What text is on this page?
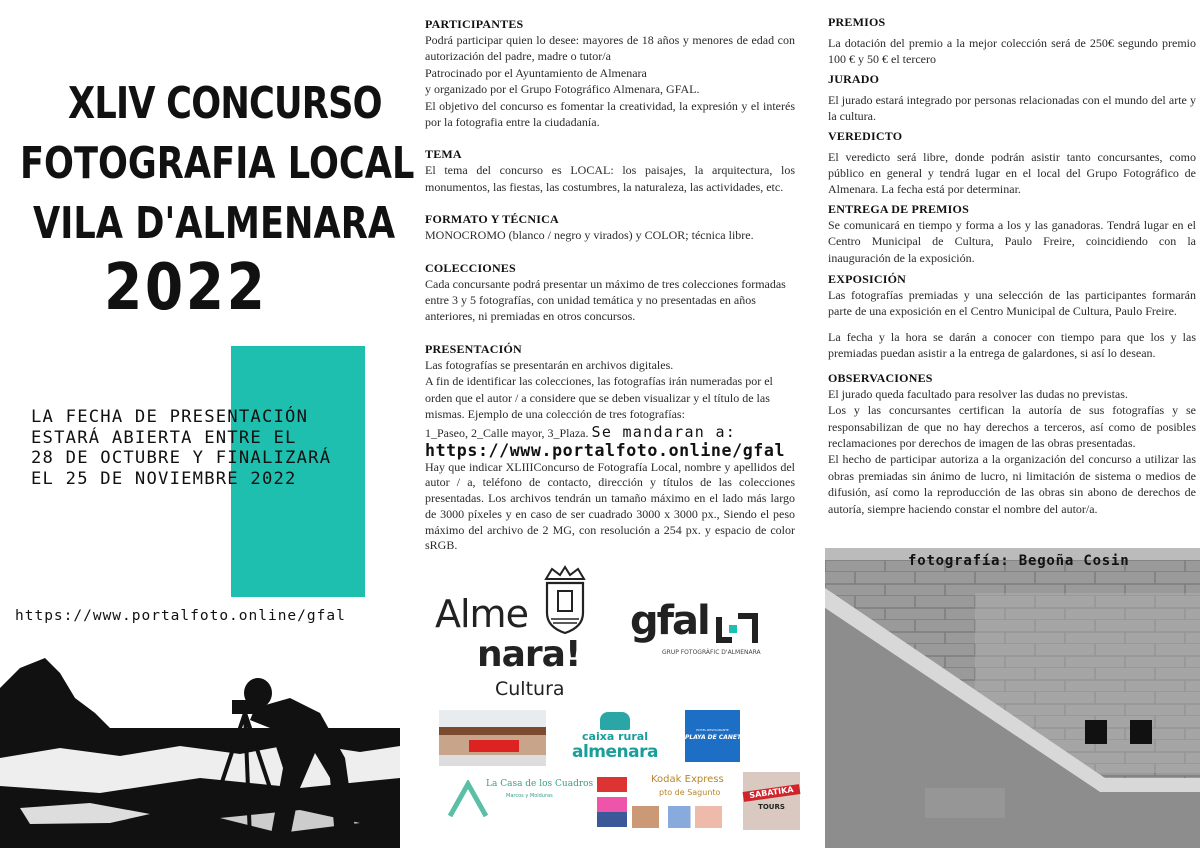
XLIV CONCURSO
FOTOGRAFIA LOCAL
VILA D'ALMENARA
2022
LA FECHA DE PRESENTACIÓN
ESTARÁ ABIERTA ENTRE EL
28 DE OCTUBRE Y FINALIZARÁ
EL 25 DE NOVIEMBRE 2022
https://www.portalfoto.online/gfal
PARTICIPANTES

Podrá participar quien lo desee: mayores de 18 años y menores de edad con autorización del padre, madre o tutor/a

Patrocinado por el Ayuntamiento de Almenara

y organizado por el Grupo Fotográfico Almenara, GFAL.

El objetivo del concurso es fomentar la creatividad, la expresión y el interés por la fotografia entre la ciudadanía.

TEMA

El tema del concurso es LOCAL: los paisajes, la arquitectura, los monumentos, las fiestas, las costumbres, la naturaleza, las actividades, etc.

FORMATO Y TÉCNICA

MONOCROMO (blanco / negro y virados) y COLOR; técnica libre.

COLECCIONES

Cada concursante podrá presentar un máximo de tres colecciones formadas entre 3 y 5 fotografías, con unidad temática y no presentadas en años anteriores, ni premiadas en otros concursos.

PRESENTACIÓN

Las fotografías se presentarán en archivos digitales.

A fin de identificar las colecciones, las fotografías irán numeradas por el orden que el autor / a considere que se deben visualizar y el título de las mismas. Ejemplo de una colección de tres fotografías:

1_Paseo, 2_Calle mayor, 3_Plaza. Se mandaran a:

https://www.portalfoto.online/gfal

Hay que indicar XLIIIConcurso de Fotografía Local, nombre y apellidos del autor / a, teléfono de contacto, dirección y títulos de las colecciones presentadas. Los archivos tendrán un tamaño máximo en el lado más largo de 3000 píxeles y en caso de ser cuadrado 3000 x 3000 px., Siendo el peso máximo del archivo de 2 MG, con resolución a 254 px. y espacio de color sRGB.

Alme
nara!
Cultura
gfal
GRUP FOTOGRÀFIC D'ALMENARA
caixa rural
almenara
HOTEL·RESTAURANTE
PLAYA DE CANET
La Casa de los Cuadros
Marcos y Molduras
Kodak Express
pto de Sagunto	SABATIKA
TOURS
PREMIOS

La dotación del premio a la mejor colección será de 250€ segundo premio 100 € y 50 € el tercero

JURADO

El jurado estará integrado por personas relacionadas con el mundo del arte y la cultura.

VEREDICTO

El veredicto será libre, donde podrán asistir tanto concursantes, como público en general y tendrá lugar en el local del Grupo Fotográfico de Almenara. La fecha está por determinar.

ENTREGA DE PREMIOS

Se comunicará en tiempo y forma a los y las ganadoras. Tendrá lugar en el Centro Municipal de Cultura, Paulo Freire, coincidiendo con la inauguración de la exposición.

EXPOSICIÓN

Las fotografías premiadas y una selección de las participantes formarán parte de una exposición en el Centro Municipal de Cultura, Paulo Freire.

La fecha y la hora se darán a conocer con tiempo para que los y las premiadas puedan asistir a la entrega de galardones, si así lo desean.

OBSERVACIONES

El jurado queda facultado para resolver las dudas no previstas.

Los y las concursantes certifican la autoría de sus fotografías y se responsabilizan de que no hay derechos a terceros, así como de posibles reclamaciones por derechos de imagen de las obras presentadas.

El hecho de participar autoriza a la organización del concurso a utilizar las obras premiadas sin ánimo de lucro, ni limitación de sistema o medios de difusión, así como la reproducción de las obras sin abono de derechos de autoría, siempre haciendo constar el nombre del autor/a.

fotografía: Begoña Cosin
